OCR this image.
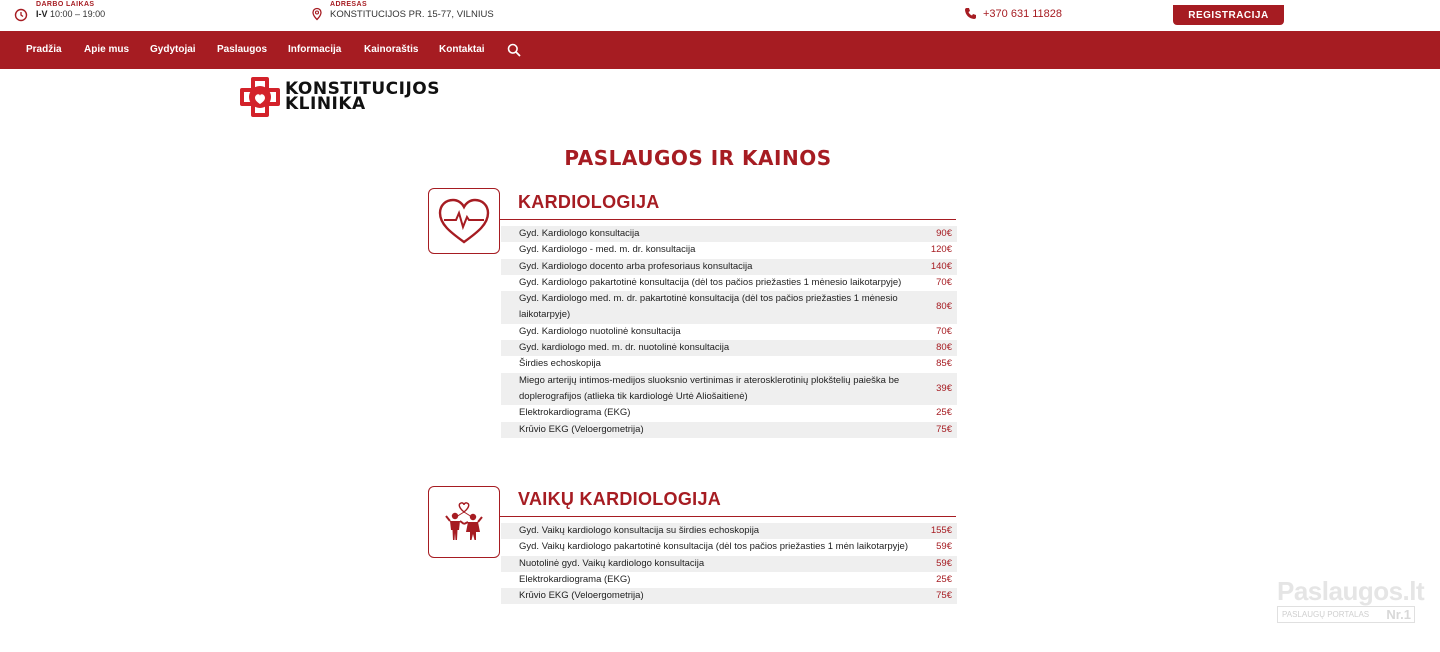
DARBO LAIKAS
I-V 10:00 – 19:00
ADRESAS
KONSTITUCIJOS PR. 15-77, VILNIUS	+370 631 11828	REGISTRACIJA
Pradžia Apie mus Gydytojai Paslaugos Informacija Kainoraštis Kontaktai
KONSTITUCIJOS
KLINIKA
PASLAUGOS IR KAINOS
KARDIOLOGIJA
Gyd. Kardiologo konsultacija	90€
Gyd. Kardiologo - med. m. dr. konsultacija	120€
Gyd. Kardiologo docento arba profesoriaus konsultacija	140€
Gyd. Kardiologo pakartotinė konsultacija (dėl tos pačios priežasties 1 mėnesio laikotarpyje)	70€
Gyd. Kardiologo med. m. dr. pakartotinė konsultacija (dėl tos pačios priežasties 1 mėnesio laikotarpyje)
80€
Gyd. Kardiologo nuotolinė konsultacija	70€
Gyd. kardiologo med. m. dr. nuotolinė konsultacija	80€
Širdies echoskopija	85€
Miego arterijų intimos-medijos sluoksnio vertinimas ir aterosklerotinių plokštelių paieška be doplerografijos (atlieka tik kardiologė Urtė Aliošaitienė)
39€
Elektrokardiograma (EKG)	25€
Krūvio EKG (Veloergometrija)	75€
VAIKŲ KARDIOLOGIJA
Gyd. Vaikų kardiologo konsultacija su širdies echoskopija	155€
Gyd. Vaikų kardiologo pakartotinė konsultacija (dėl tos pačios priežasties 1 mėn laikotarpyje)	59€
Nuotolinė gyd. Vaikų kardiologo konsultacija	59€
Elektrokardiograma (EKG)	25€
Krūvio EKG (Veloergometrija)	75€	Paslaugos.lt
PASLAUGŲ PORTALAS Nr.1
